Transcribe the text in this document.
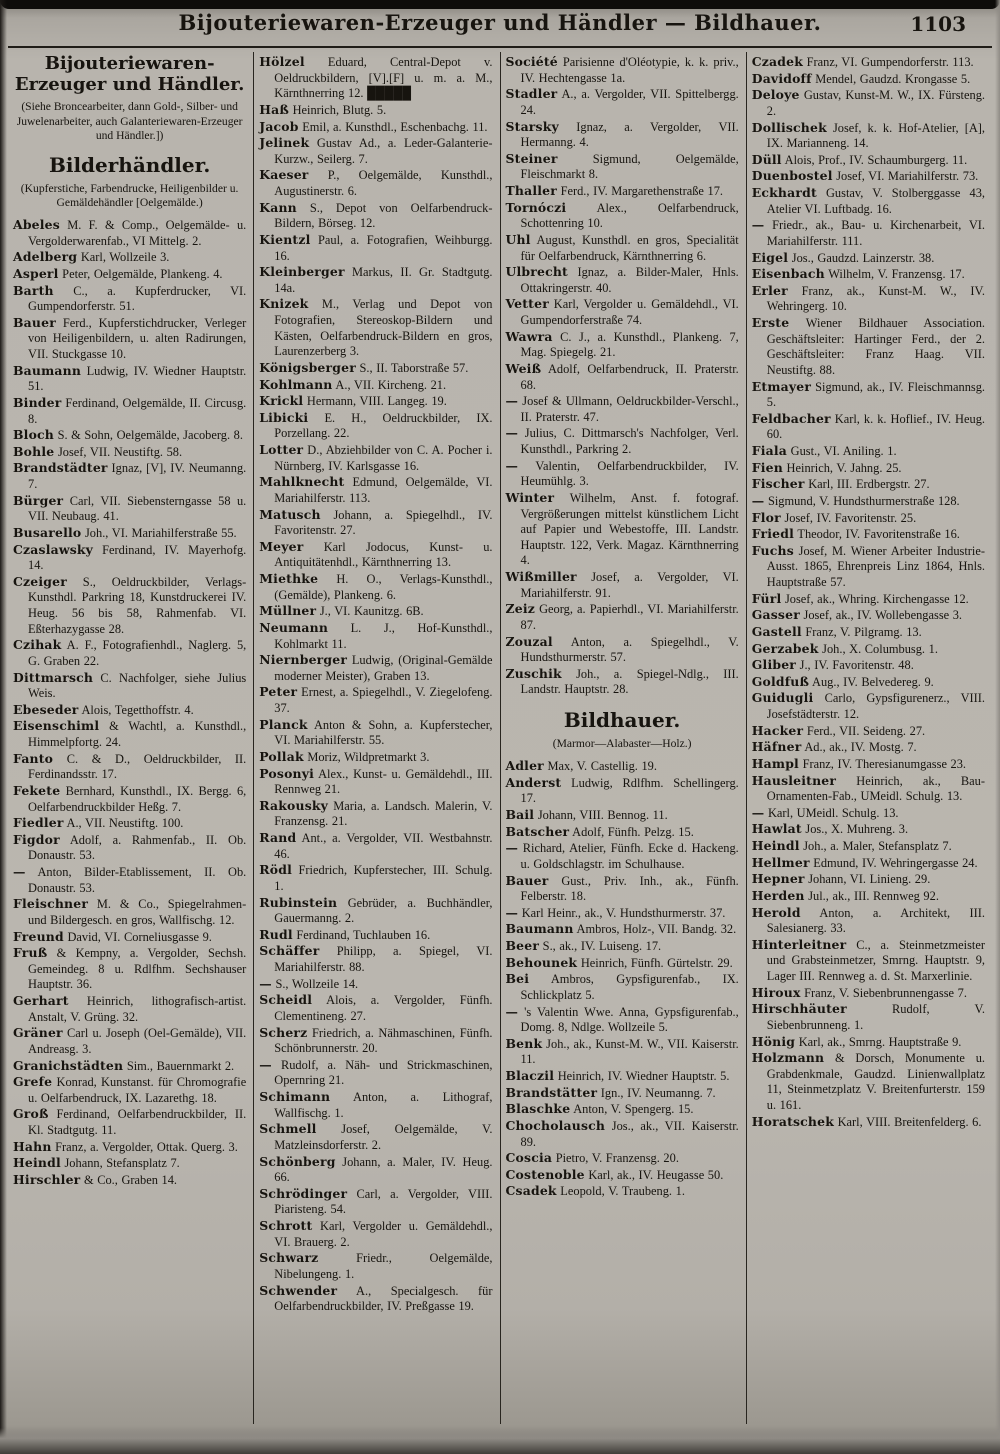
Bijouteriewaren-Erzeuger und Händler — Bildhauer.	1103
Bijouteriewaren-Erzeuger und Händler.
(Siehe Broncearbeiter, dann Gold-, Silber- und Juwelenarbeiter, auch Galanteriewaren-Erzeuger und Händler.])
Bilderhändler.
(Kupferstiche, Farbendrucke, Heiligenbilder u. Gemäldehändler [Oelgemälde.)

Abeles M. F. & Comp., Oelgemälde- u. Vergolderwarenfab., VI Mittelg. 2.

Adelberg Karl, Wollzeile 3.

Asperl Peter, Oelgemälde, Plankeng. 4.

Barth C., a. Kupferdrucker, VI. Gumpendorferstr. 51.

Bauer Ferd., Kupferstichdrucker, Verleger von Heiligenbildern, u. alten Radirungen, VII. Stuckgasse 10.

Baumann Ludwig, IV. Wiedner Hauptstr. 51.

Binder Ferdinand, Oelgemälde, II. Circusg. 8.

Bloch S. & Sohn, Oelgemälde, Jacoberg. 8.

Bohle Josef, VII. Neustiftg. 58.

Brandstädter Ignaz, [V], IV. Neumanng. 7.

Bürger Carl, VII. Siebensterngasse 58 u. VII. Neubaug. 41.

Busarello Joh., VI. Mariahilferstraße 55.

Czaslawsky Ferdinand, IV. Mayerhofg. 14.

Czeiger S., Oeldruckbilder, Verlags-Kunsthdl. Parkring 18, Kunstdruckerei IV. Heug. 56 bis 58, Rahmenfab. VI. Eßterhazygasse 28.

Czihak A. F., Fotografienhdl., Naglerg. 5, G. Graben 22.

Dittmarsch C. Nachfolger, siehe Julius Weis.

Ebeseder Alois, Tegetthoffstr. 4.

Eisenschiml & Wachtl, a. Kunsthdl., Himmelpfortg. 24.

Fanto C. & D., Oeldruckbilder, II. Ferdinandsstr. 17.

Fekete Bernhard, Kunsthdl., IX. Bergg. 6, Oelfarbendruckbilder Heßg. 7.

Fiedler A., VII. Neustiftg. 100.

Figdor Adolf, a. Rahmenfab., II. Ob. Donaustr. 53.

— Anton, Bilder-Etablissement, II. Ob. Donaustr. 53.

Fleischner M. & Co., Spiegelrahmen- und Bildergesch. en gros, Wallfischg. 12.

Freund David, VI. Corneliusgasse 9.

Fruß & Kempny, a. Vergolder, Sechsh. Gemeindeg. 8 u. Rdlfhm. Sechshauser Hauptstr. 36.

Gerhart Heinrich, lithografisch-artist. Anstalt, V. Grüng. 32.

Gräner Carl u. Joseph (Oel-Gemälde), VII. Andreasg. 3.

Granichstädten Sim., Bauernmarkt 2.

Grefe Konrad, Kunstanst. für Chromografie u. Oelfarbendruck, IX. Lazarethg. 18.

Groß Ferdinand, Oelfarbendruckbilder, II. Kl. Stadtgutg. 11.

Hahn Franz, a. Vergolder, Ottak. Querg. 3.

Heindl Johann, Stefansplatz 7.

Hirschler & Co., Graben 14.

Hölzel Eduard, Central-Depot v. Oeldruckbildern, [V].[F] u. m. a. M., Kärnthnerring 12. █████

Haß Heinrich, Blutg. 5.

Jacob Emil, a. Kunsthdl., Eschenbachg. 11.

Jelinek Gustav Ad., a. Leder-Galanterie-Kurzw., Seilerg. 7.

Kaeser P., Oelgemälde, Kunsthdl., Augustinerstr. 6.

Kann S., Depot von Oelfarbendruck-Bildern, Börseg. 12.

Kientzl Paul, a. Fotografien, Weihburgg. 16.

Kleinberger Markus, II. Gr. Stadtgutg. 14a.

Knizek M., Verlag und Depot von Fotografien, Stereoskop-Bildern und Kästen, Oelfarbendruck-Bildern en gros, Laurenzerberg 3.

Königsberger S., II. Taborstraße 57.

Kohlmann A., VII. Kircheng. 21.

Krickl Hermann, VIII. Langeg. 19.

Libicki E. H., Oeldruckbilder, IX. Porzellang. 22.

Lotter D., Abziehbilder von C. A. Pocher i. Nürnberg, IV. Karlsgasse 16.

Mahlknecht Edmund, Oelgemälde, VI. Mariahilferstr. 113.

Matusch Johann, a. Spiegelhdl., IV. Favoritenstr. 27.

Meyer Karl Jodocus, Kunst- u. Antiquitätenhdl., Kärnthnerring 13.

Miethke H. O., Verlags-Kunsthdl., (Gemälde), Plankeng. 6.

Müllner J., VI. Kaunitzg. 6B.

Neumann L. J., Hof-Kunsthdl., Kohlmarkt 11.

Niernberger Ludwig, (Original-Gemälde moderner Meister), Graben 13.

Peter Ernest, a. Spiegelhdl., V. Ziegelofeng. 37.

Planck Anton & Sohn, a. Kupferstecher, VI. Mariahilferstr. 55.

Pollak Moriz, Wildpretmarkt 3.

Posonyi Alex., Kunst- u. Gemäldehdl., III. Rennweg 21.

Rakousky Maria, a. Landsch. Malerin, V. Franzensg. 21.

Rand Ant., a. Vergolder, VII. Westbahnstr. 46.

Rödl Friedrich, Kupferstecher, III. Schulg. 1.

Rubinstein Gebrüder, a. Buchhändler, Gauermanng. 2.

Rudl Ferdinand, Tuchlauben 16.

Schäffer Philipp, a. Spiegel, VI. Mariahilferstr. 88.

— S., Wollzeile 14.

Scheidl Alois, a. Vergolder, Fünfh. Clementineng. 27.

Scherz Friedrich, a. Nähmaschinen, Fünfh. Schönbrunnerstr. 20.

— Rudolf, a. Näh- und Strickmaschinen, Opernring 21.

Schimann Anton, a. Lithograf, Wallfischg. 1.

Schmell Josef, Oelgemälde, V. Matzleinsdorferstr. 2.

Schönberg Johann, a. Maler, IV. Heug. 66.

Schrödinger Carl, a. Vergolder, VIII. Piaristeng. 54.

Schrott Karl, Vergolder u. Gemäldehdl., VI. Brauerg. 2.

Schwarz Friedr., Oelgemälde, Nibelungeng. 1.

Schwender A., Specialgesch. für Oelfarbendruckbilder, IV. Preßgasse 19.

Société Parisienne d'Oléotypie, k. k. priv., IV. Hechtengasse 1a.

Stadler A., a. Vergolder, VII. Spittelbergg. 24.

Starsky Ignaz, a. Vergolder, VII. Hermanng. 4.

Steiner Sigmund, Oelgemälde, Fleischmarkt 8.

Thaller Ferd., IV. Margarethenstraße 17.

Tornóczi Alex., Oelfarbendruck, Schottenring 10.

Uhl August, Kunsthdl. en gros, Specialität für Oelfarbendruck, Kärnthnerring 6.

Ulbrecht Ignaz, a. Bilder-Maler, Hnls. Ottakringerstr. 40.

Vetter Karl, Vergolder u. Gemäldehdl., VI. Gumpendorferstraße 74.

Wawra C. J., a. Kunsthdl., Plankeng. 7, Mag. Spiegelg. 21.

Weiß Adolf, Oelfarbendruck, II. Praterstr. 68.

— Josef & Ullmann, Oeldruckbilder-Verschl., II. Praterstr. 47.

— Julius, C. Dittmarsch's Nachfolger, Verl. Kunsthdl., Parkring 2.

— Valentin, Oelfarbendruckbilder, IV. Heumühlg. 3.

Winter Wilhelm, Anst. f. fotograf. Vergrößerungen mittelst künstlichem Licht auf Papier und Webestoffe, III. Landstr. Hauptstr. 122, Verk. Magaz. Kärnthnerring 4.

Wißmiller Josef, a. Vergolder, VI. Mariahilferstr. 91.

Zeiz Georg, a. Papierhdl., VI. Mariahilferstr. 87.

Zouzal Anton, a. Spiegelhdl., V. Hundsthurmerstr. 57.

Zuschik Joh., a. Spiegel-Ndlg., III. Landstr. Hauptstr. 28.

Bildhauer.
(Marmor—Alabaster—Holz.)

Adler Max, V. Castellig. 19.

Anderst Ludwig, Rdlfhm. Schellingerg. 17.

Bail Johann, VIII. Bennog. 11.

Batscher Adolf, Fünfh. Pelzg. 15.

— Richard, Atelier, Fünfh. Ecke d. Hackeng. u. Goldschlagstr. im Schulhause.

Bauer Gust., Priv. Inh., ak., Fünfh. Felberstr. 18.

— Karl Heinr., ak., V. Hundsthurmerstr. 37.

Baumann Ambros, Holz-, VII. Bandg. 32.

Beer S., ak., IV. Luiseng. 17.

Behounek Heinrich, Fünfh. Gürtelstr. 29.

Bei Ambros, Gypsfigurenfab., IX. Schlickplatz 5.

— 's Valentin Wwe. Anna, Gypsfigurenfab., Domg. 8, Ndlge. Wollzeile 5.

Benk Joh., ak., Kunst-M. W., VII. Kaiserstr. 11.

Blaczil Heinrich, IV. Wiedner Hauptstr. 5.

Brandstätter Ign., IV. Neumanng. 7.

Blaschke Anton, V. Spengerg. 15.

Chocholausch Jos., ak., VII. Kaiserstr. 89.

Coscia Pietro, V. Franzensg. 20.

Costenoble Karl, ak., IV. Heugasse 50.

Csadek Leopold, V. Traubeng. 1.

Czadek Franz, VI. Gumpendorferstr. 113.

Davidoff Mendel, Gaudzd. Krongasse 5.

Deloye Gustav, Kunst-M. W., IX. Fürsteng. 2.

Dollischek Josef, k. k. Hof-Atelier, [A], IX. Marianneng. 14.

Düll Alois, Prof., IV. Schaumburgerg. 11.

Duenbostel Josef, VI. Mariahilferstr. 73.

Eckhardt Gustav, V. Stolberggasse 43, Atelier VI. Luftbadg. 16.

— Friedr., ak., Bau- u. Kirchenarbeit, VI. Mariahilferstr. 111.

Eigel Jos., Gaudzd. Lainzerstr. 38.

Eisenbach Wilhelm, V. Franzensg. 17.

Erler Franz, ak., Kunst-M. W., IV. Wehringerg. 10.

Erste Wiener Bildhauer Association. Geschäftsleiter: Hartinger Ferd., der 2. Geschäftsleiter: Franz Haag. VII. Neustiftg. 88.

Etmayer Sigmund, ak., IV. Fleischmannsg. 5.

Feldbacher Karl, k. k. Hoflief., IV. Heug. 60.

Fiala Gust., VI. Aniling. 1.

Fien Heinrich, V. Jahng. 25.

Fischer Karl, III. Erdbergstr. 27.

— Sigmund, V. Hundsthurmerstraße 128.

Flor Josef, IV. Favoritenstr. 25.

Friedl Theodor, IV. Favoritenstraße 16.

Fuchs Josef, M. Wiener Arbeiter Industrie-Ausst. 1865, Ehrenpreis Linz 1864, Hnls. Hauptstraße 57.

Fürl Josef, ak., Whring. Kirchengasse 12.

Gasser Josef, ak., IV. Wollebengasse 3.

Gastell Franz, V. Pilgramg. 13.

Gerzabek Joh., X. Columbusg. 1.

Gliber J., IV. Favoritenstr. 48.

Goldfuß Aug., IV. Belvedereg. 9.

Guidugli Carlo, Gypsfigurenerz., VIII. Josefstädterstr. 12.

Hacker Ferd., VII. Seideng. 27.

Häfner Ad., ak., IV. Mostg. 7.

Hampl Franz, IV. Theresianumgasse 23.

Hausleitner Heinrich, ak., Bau-Ornamenten-Fab., UMeidl. Schulg. 13.

— Karl, UMeidl. Schulg. 13.

Hawlat Jos., X. Muhreng. 3.

Heindl Joh., a. Maler, Stefansplatz 7.

Hellmer Edmund, IV. Wehringergasse 24.

Hepner Johann, VI. Linieng. 29.

Herden Jul., ak., III. Rennweg 92.

Herold Anton, a. Architekt, III. Salesianerg. 33.

Hinterleitner C., a. Steinmetzmeister und Grabsteinmetzer, Smrng. Hauptstr. 9, Lager III. Rennweg a. d. St. Marxerlinie.

Hiroux Franz, V. Siebenbrunnengasse 7.

Hirschhäuter Rudolf, V. Siebenbrunneng. 1.

Hönig Karl, ak., Smrng. Hauptstraße 9.

Holzmann & Dorsch, Monumente u. Grabdenkmale, Gaudzd. Linienwallplatz 11, Steinmetzplatz V. Breitenfurterstr. 159 u. 161.

Horatschek Karl, VIII. Breitenfelderg. 6.
